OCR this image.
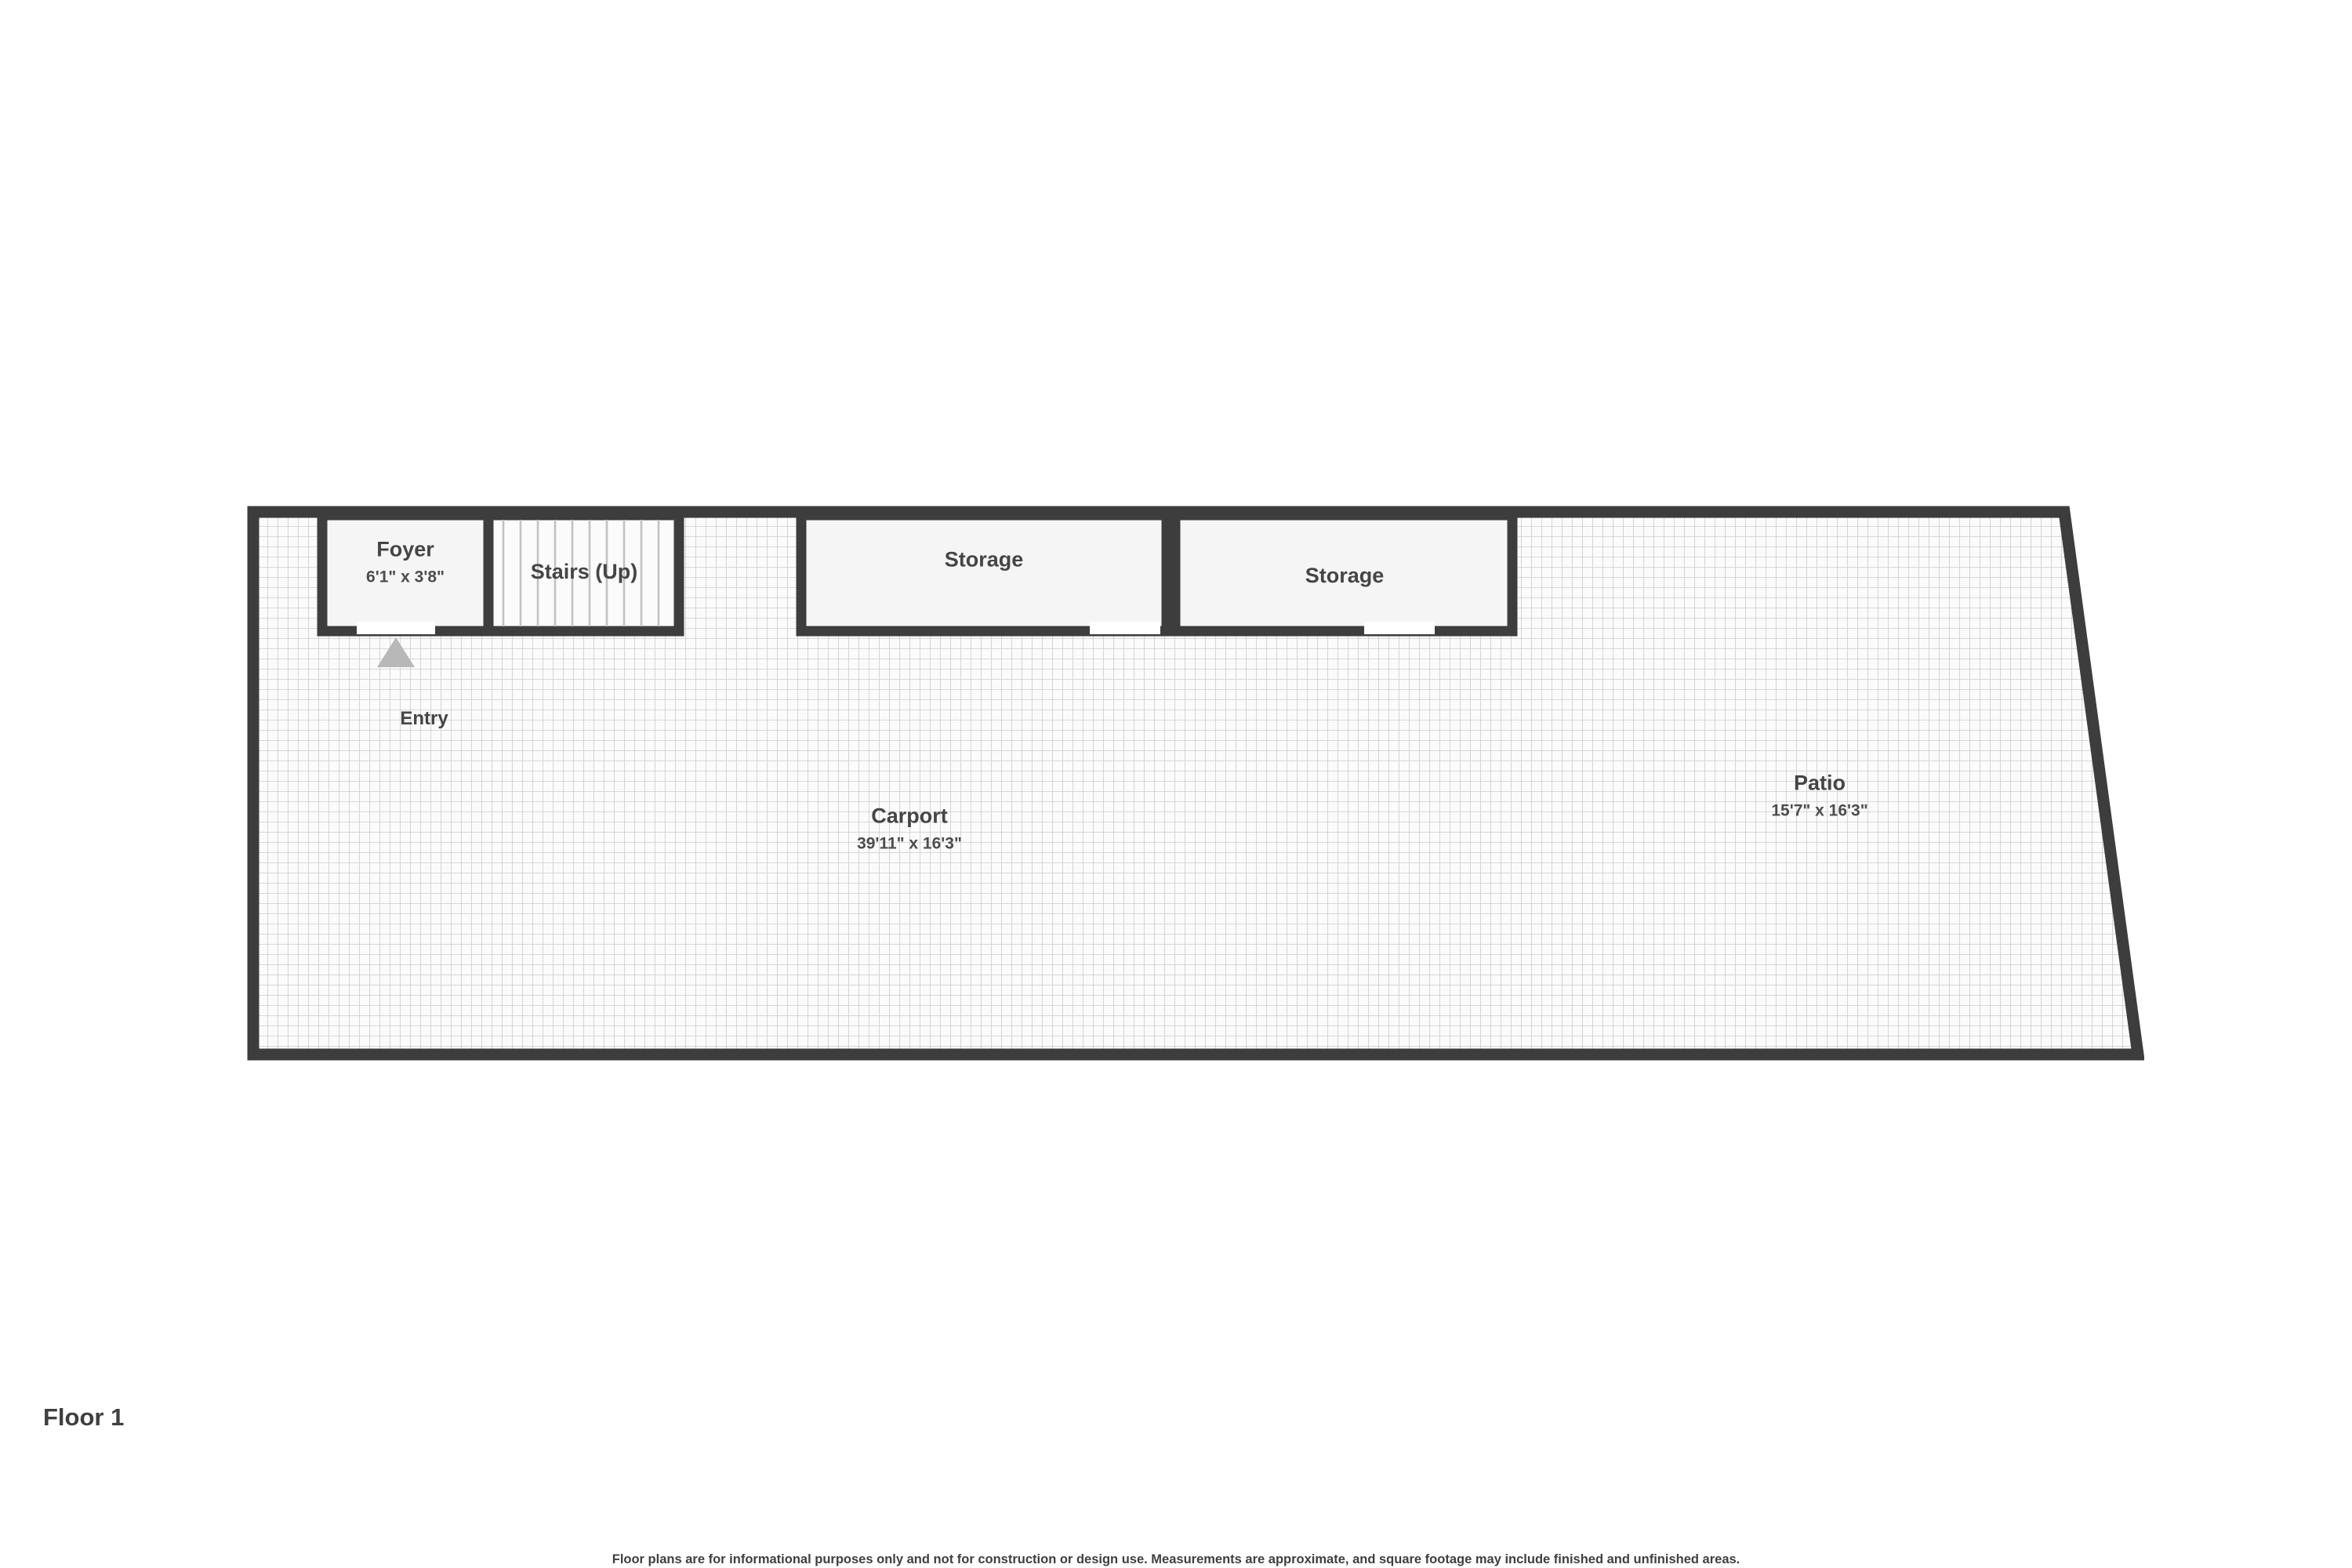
Foyer
6'1" x 3'8"	Stairs (Up)
Storage
Storage
Carport
39'11" x 16'3"
Patio
15'7" x 16'3"
Entry
Floor 1
Floor plans are for informational purposes only and not for construction or design use. Measurements are approximate, and square footage may include finished and unfinished areas.
